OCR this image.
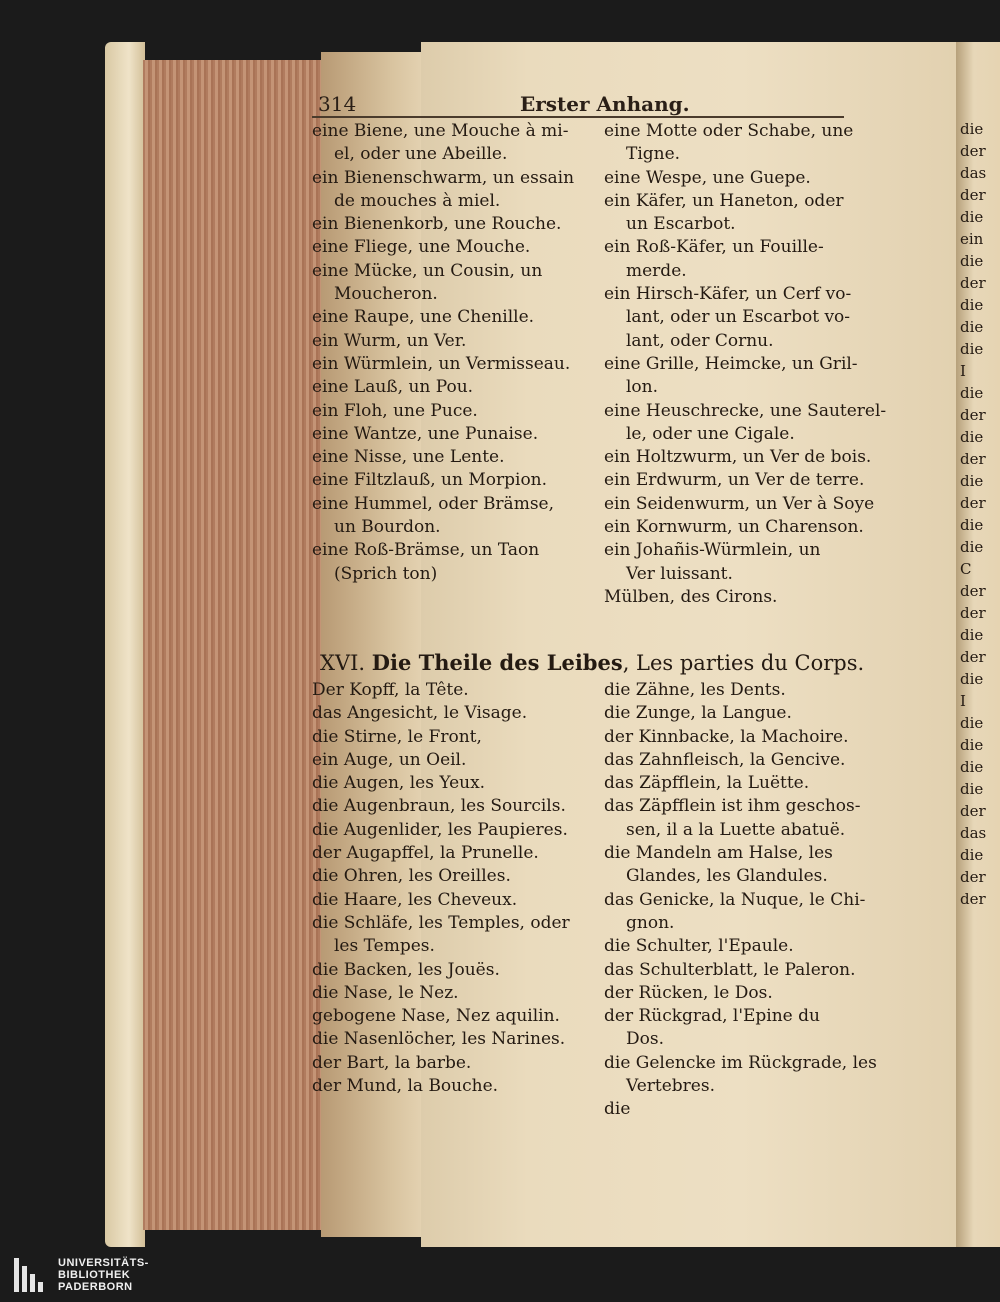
die
der
das
der
die
ein
die
der
die
die
die
I
die
der
die
der
die
der
die
die
C
der
der
die
der
die
I
die
die
die
die
der
das
die
der
der
314	Erster Anhang.
eine Biene, une Mouche à mi-
el, oder une Abeille.
ein Bienenschwarm, un essain
de mouches à miel.
ein Bienenkorb, une Rouche.
eine Fliege, une Mouche.
eine Mücke, un Cousin, un
Moucheron.
eine Raupe, une Chenille.
ein Wurm, un Ver.
ein Würmlein, un Vermisseau.
eine Lauß, un Pou.
ein Floh, une Puce.
eine Wantze, une Punaise.
eine Nisse, une Lente.
eine Filtzlauß, un Morpion.
eine Hummel, oder Brämse,
un Bourdon.
eine Roß-Brämse, un Taon
(Sprich ton)
eine Motte oder Schabe, une
Tigne.
eine Wespe, une Guepe.
ein Käfer, un Haneton, oder
un Escarbot.
ein Roß-Käfer, un Fouille-
merde.
ein Hirsch-Käfer, un Cerf vo-
lant, oder un Escarbot vo-
lant, oder Cornu.
eine Grille, Heimcke, un Gril-
lon.
eine Heuschrecke, une Sauterel-
le, oder une Cigale.
ein Holtzwurm, un Ver de bois.
ein Erdwurm, un Ver de terre.
ein Seidenwurm, un Ver à Soye
ein Kornwurm, un Charenson.
ein Johañis-Würmlein, un
Ver luissant.
Mülben, des Cirons.
XVI. Die Theile des Leibes, Les parties du Corps.
Der Kopff, la Tête.
das Angesicht, le Visage.
die Stirne, le Front,
ein Auge, un Oeil.
die Augen, les Yeux.
die Augenbraun, les Sourcils.
die Augenlider, les Paupieres.
der Augapffel, la Prunelle.
die Ohren, les Oreilles.
die Haare, les Cheveux.
die Schläfe, les Temples, oder
les Tempes.
die Backen, les Jouës.
die Nase, le Nez.
gebogene Nase, Nez aquilin.
die Nasenlöcher, les Narines.
der Bart, la barbe.
der Mund, la Bouche.
die Zähne, les Dents.
die Zunge, la Langue.
der Kinnbacke, la Machoire.
das Zahnfleisch, la Gencive.
das Zäpfflein, la Luëtte.
das Zäpfflein ist ihm geschos-
sen, il a la Luette abatuë.
die Mandeln am Halse, les
Glandes, les Glandules.
das Genicke, la Nuque, le Chi-
gnon.
die Schulter, l'Epaule.
das Schulterblatt, le Paleron.
der Rücken, le Dos.
der Rückgrad, l'Epine du
Dos.
die Gelencke im Rückgrade, les
Vertebres.
die
UNIVERSITÄTS-
BIBLIOTHEK
PADERBORN
